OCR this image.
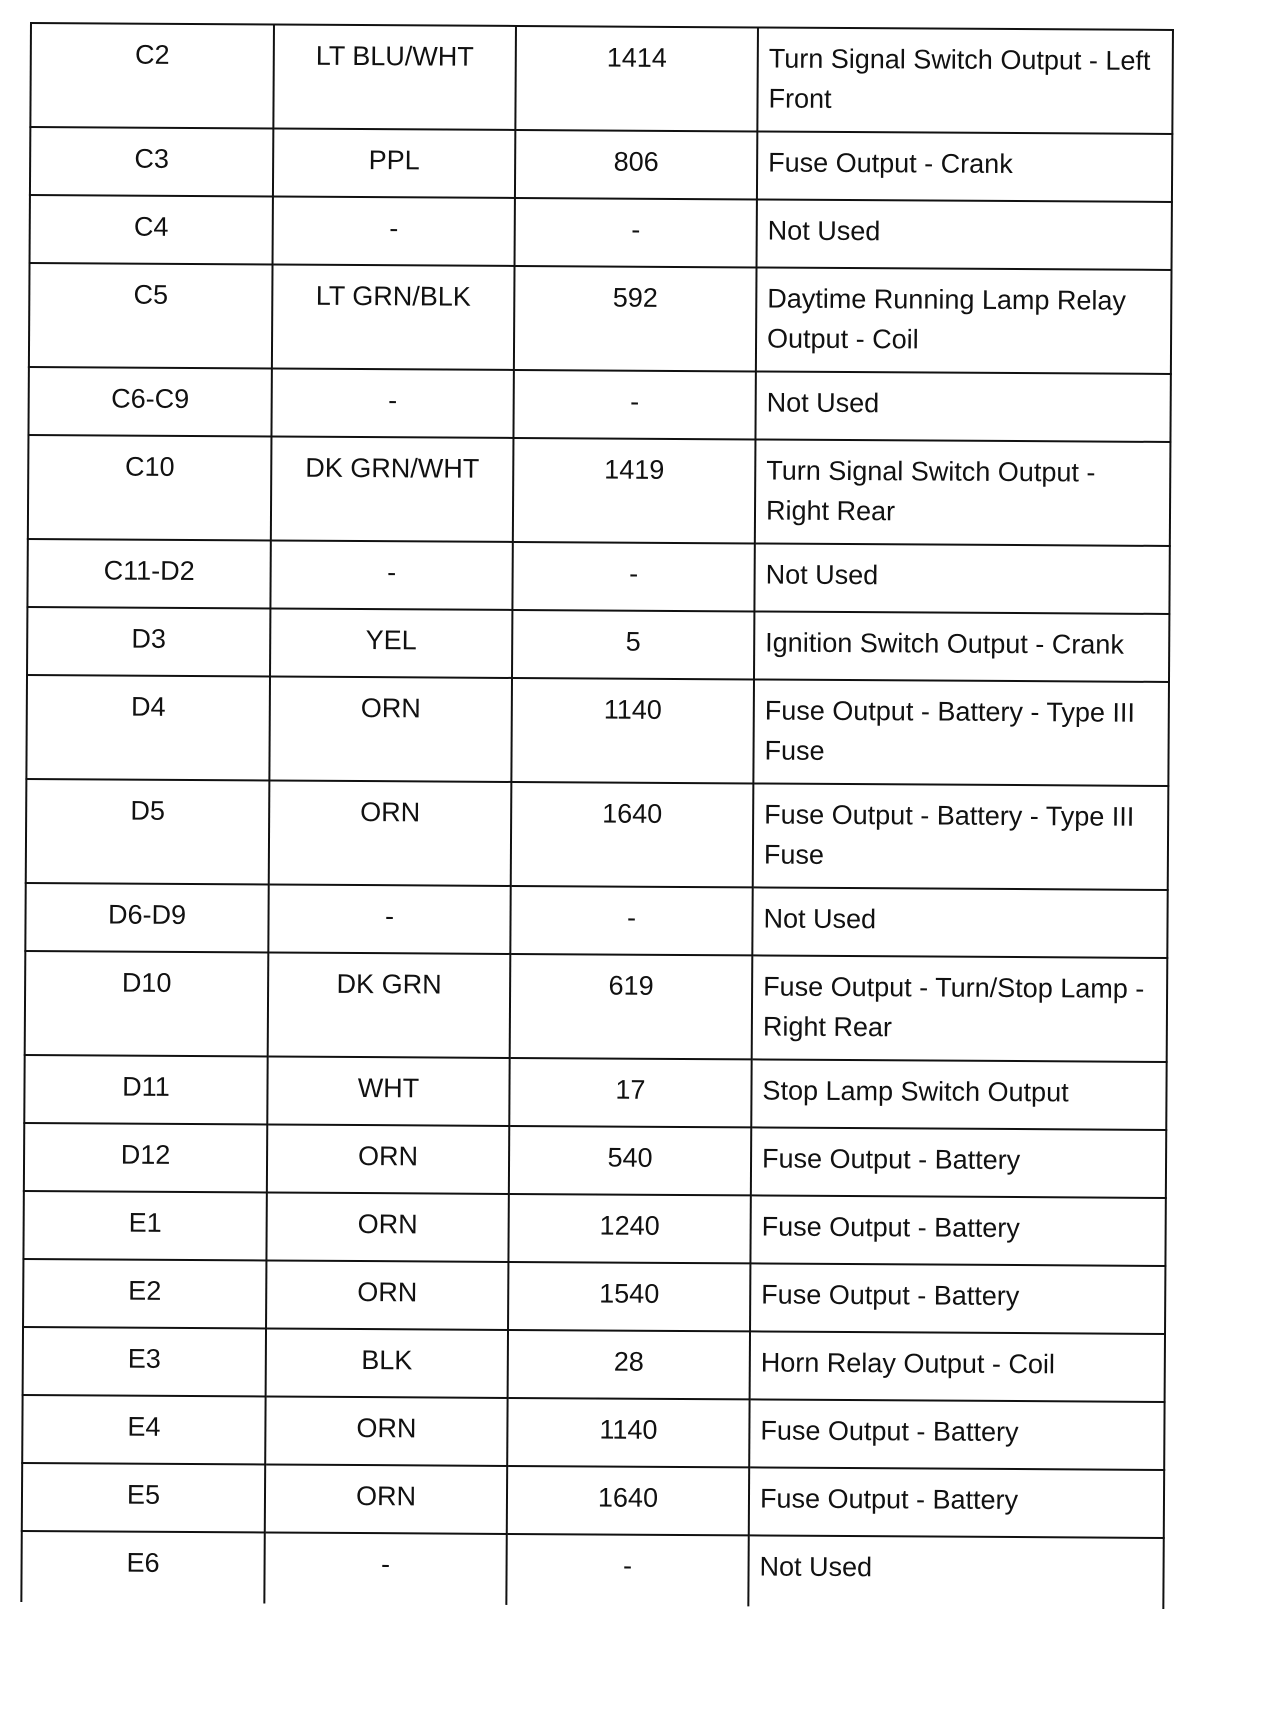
C2	LT BLU/WHT	1414	Turn Signal Switch Output - Left Front
C3	PPL	806	Fuse Output - Crank
C4	-	-	Not Used
C5	LT GRN/BLK	592	Daytime Running Lamp Relay Output - Coil
C6-C9	-	-	Not Used
C10	DK GRN/WHT	1419	Turn Signal Switch Output - Right Rear
C11-D2	-	-	Not Used
D3	YEL	5	Ignition Switch Output - Crank
D4	ORN	1140	Fuse Output - Battery - Type III Fuse
D5	ORN	1640	Fuse Output - Battery - Type III Fuse
D6-D9	-	-	Not Used
D10	DK GRN	619	Fuse Output - Turn/Stop Lamp - Right Rear
D11	WHT	17	Stop Lamp Switch Output
D12	ORN	540	Fuse Output - Battery
E1	ORN	1240	Fuse Output - Battery
E2	ORN	1540	Fuse Output - Battery
E3	BLK	28	Horn Relay Output - Coil
E4	ORN	1140	Fuse Output - Battery
E5	ORN	1640	Fuse Output - Battery
E6	-	-	Not Used
